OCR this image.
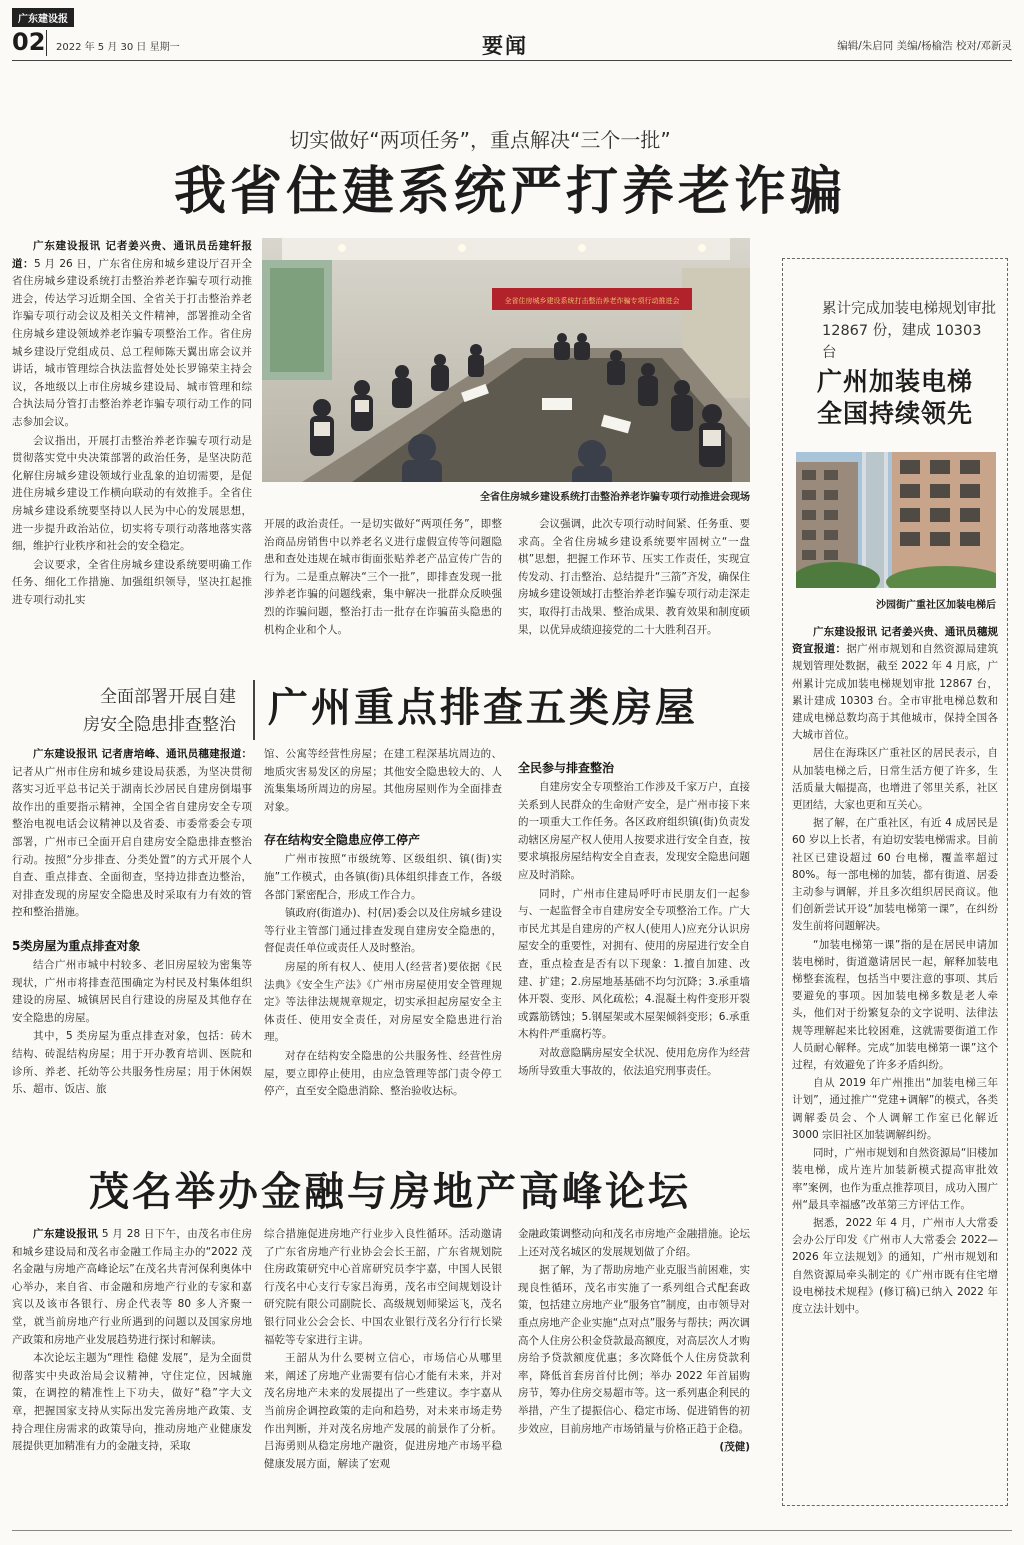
广东建设报
02 2022 年 5 月 30 日 星期一	要闻	编辑/朱启同 美编/杨榆浩 校对/邓新灵
切实做好“两项任务”，重点解决“三个一批”
我省住建系统严打养老诈骗

广东建设报讯 记者姜兴贵、通讯员岳建轩报道：5 月 26 日，广东省住房和城乡建设厅召开全省住房城乡建设系统打击整治养老诈骗专项行动推进会，传达学习近期全国、全省关于打击整治养老诈骗专项行动会议及相关文件精神，部署推动全省住房城乡建设领域养老诈骗专项整治工作。省住房城乡建设厅党组成员、总工程师陈天翼出席会议并讲话，城市管理综合执法监督处处长罗锦荣主持会议，各地级以上市住房城乡建设局、城市管理和综合执法局分管打击整治养老诈骗专项行动工作的同志参加会议。

会议指出，开展打击整治养老诈骗专项行动是贯彻落实党中央决策部署的政治任务，是坚决防范化解住房城乡建设领域行业乱象的迫切需要，是促进住房城乡建设工作横向联动的有效推手。全省住房城乡建设系统要坚持以人民为中心的发展思想，进一步提升政治站位，切实将专项行动落地落实落细，维护行业秩序和社会的安全稳定。

会议要求，全省住房城乡建设系统要明确工作任务、细化工作措施、加强组织领导，坚决扛起推进专项行动扎实

全省住房城乡建设系统打击整治养老诈骗专项行动推进会
全省住房城乡建设系统打击整治养老诈骗专项行动推进会现场

开展的政治责任。一是切实做好“两项任务”，即整治商品房销售中以养老名义进行虚假宣传等问题隐患和查处违规在城市街面张贴养老产品宣传广告的行为。二是重点解决“三个一批”，即排查发现一批涉养老诈骗的问题线索，集中解决一批群众反映强烈的诈骗问题，整治打击一批存在诈骗苗头隐患的机构企业和个人。

会议强调，此次专项行动时间紧、任务重、要求高。全省住房城乡建设系统要牢固树立“一盘棋”思想，把握工作环节、压实工作责任，实现宣传发动、打击整治、总结提升“三箭”齐发，确保住房城乡建设领域打击整治养老诈骗专项行动走深走实，取得打击战果、整治成果、教育效果和制度硕果，以优异成绩迎接党的二十大胜利召开。

全面部署开展自建
房安全隐患排查整治 广州重点排查五类房屋

广东建设报讯 记者唐培峰、通讯员穗建报道：记者从广州市住房和城乡建设局获悉，为坚决贯彻落实习近平总书记关于湖南长沙居民自建房倒塌事故作出的重要指示精神，全国全省自建房安全专项整治电视电话会议精神以及省委、市委常委会专项部署，广州市已全面开启自建房安全隐患排查整治行动。按照“分步排查、分类处置”的方式开展个人自查、重点排查、全面彻查，坚持边排查边整治，对排查发现的房屋安全隐患及时采取有力有效的管控和整治措施。

5类房屋为重点排查对象

结合广州市城中村较多、老旧房屋较为密集等现状，广州市将排查范围确定为村民及村集体组织建设的房屋、城镇居民自行建设的房屋及其他存在安全隐患的房屋。

其中，5 类房屋为重点排查对象，包括：砖木结构、砖混结构房屋；用于开办教育培训、医院和诊所、养老、托幼等公共服务性房屋；用于休闲娱乐、超市、饭店、旅

馆、公寓等经营性房屋；在建工程深基坑周边的、地质灾害易发区的房屋；其他安全隐患较大的、人流集集场所周边的房屋。其他房屋则作为全面排查对象。

存在结构安全隐患应停工停产

广州市按照“市级统筹、区级组织、镇(街)实施”工作模式，由各镇(街)具体组织排查工作，各级各部门紧密配合，形成工作合力。

镇政府(街道办)、村(居)委会以及住房城乡建设等行业主管部门通过排查发现自建房安全隐患的，督促责任单位或责任人及时整治。

房屋的所有权人、使用人(经营者)要依据《民法典》《安全生产法》《广州市房屋使用安全管理规定》等法律法规规章规定，切实承担起房屋安全主体责任、使用安全责任，对房屋安全隐患进行治理。

对存在结构安全隐患的公共服务性、经营性房屋，要立即停止使用，由应急管理等部门责令停工停产，直至安全隐患消除、整治验收达标。

全民参与排查整治

自建房安全专项整治工作涉及千家万户，直接关系到人民群众的生命财产安全，是广州市接下来的一项重大工作任务。各区政府组织镇(街)负责发动辖区房屋产权人使用人按要求进行安全自查，按要求填报房屋结构安全自查表，发现安全隐患问题应及时消除。

同时，广州市住建局呼吁市民朋友们一起参与、一起监督全市自建房安全专项整治工作。广大市民尤其是自建房的产权人(使用人)应充分认识房屋安全的重要性，对拥有、使用的房屋进行安全自查，重点检查是否有以下现象：1.擅自加建、改建、扩建；2.房屋地基基础不均匀沉降；3.承重墙体开裂、变形、风化疏松；4.混凝土构件变形开裂或露筋锈蚀；5.钢屋架或木屋架倾斜变形；6.承重木构件严重腐朽等。

对故意隐瞒房屋安全状况、使用危房作为经营场所导致重大事故的，依法追究刑事责任。

茂名举办金融与房地产高峰论坛

广东建设报讯 5 月 28 日下午，由茂名市住房和城乡建设局和茂名市金融工作局主办的“2022 茂名金融与房地产高峰论坛”在茂名共青河保利奥体中心举办，来自省、市金融和房地产行业的专家和嘉宾以及该市各银行、房企代表等 80 多人齐聚一堂，就当前房地产行业所遇到的问题以及国家房地产政策和房地产业发展趋势进行探讨和解读。

本次论坛主题为“理性 稳健 发展”，是为全面贯彻落实中央政治局会议精神，守住定位，因城施策，在调控的精准性上下功夫，做好“稳”字大文章，把握国家支持从实际出发完善房地产政策、支持合理住房需求的政策导向，推动房地产业健康发展提供更加精准有力的金融支持，采取

综合措施促进房地产行业步入良性循环。活动邀请了广东省房地产行业协会会长王韶，广东省规划院住房政策研究中心首席研究员李宇嘉，中国人民银行茂名中心支行专家吕海勇，茂名市空间规划设计研究院有限公司副院长、高级规划师梁运飞，茂名银行同业公会会长、中国农业银行茂名分行行长梁福乾等专家进行主讲。

王韶从为什么要树立信心，市场信心从哪里来，阐述了房地产业需要有信心才能有未来，并对茂名房地产未来的发展提出了一些建议。李宇嘉从当前房企调控政策的走向和趋势，对未来市场走势作出判断，并对茂名房地产发展的前景作了分析。吕海勇则从稳定房地产融资，促进房地产市场平稳健康发展方面，解读了宏观

金融政策调整动向和茂名市房地产金融措施。论坛上还对茂名城区的发展规划做了介绍。

据了解，为了帮助房地产业克服当前困难，实现良性循环，茂名市实施了一系列组合式配套政策，包括建立房地产业“服务官”制度，由市领导对重点房地产企业实施“点对点”服务与帮扶；两次调高个人住房公积金贷款最高额度，对高层次人才购房给予贷款额度优惠；多次降低个人住房贷款利率，降低首套房首付比例；举办 2022 年首届购房节，筹办住房交易超市等。这一系列惠企利民的举措，产生了提振信心、稳定市场、促进销售的初步效应，目前房地产市场销量与价格正趋于企稳。

(茂健)

累计完成加装电梯规划审批 12867 份，建成 10303 台
广州加装电梯
全国持续领先
沙园街广重社区加装电梯后

广东建设报讯 记者姜兴贵、通讯员穗规资宣报道：据广州市规划和自然资源局建筑规划管理处数据，截至 2022 年 4 月底，广州累计完成加装电梯规划审批 12867 台，累计建成 10303 台。全市审批电梯总数和建成电梯总数均高于其他城市，保持全国各大城市首位。

居住在海珠区广重社区的居民表示，自从加装电梯之后，日常生活方便了许多，生活质量大幅提高，也增进了邻里关系，社区更团结，大家也更和互关心。

据了解，在广重社区，有近 4 成居民是 60 岁以上长者，有迫切安装电梯需求。目前社区已建设超过 60 台电梯，覆盖率超过 80%。每一部电梯的加装，都有街道、居委主动参与调解，并且多次组织居民商议。他们创新尝试开设“加装电梯第一课”，在纠纷发生前将问题解决。

“加装电梯第一课”指的是在居民申请加装电梯时，街道邀请居民一起，解释加装电梯整套流程，包括当中要注意的事项、其后要避免的事项。因加装电梯多数是老人牵头，他们对于纷繁复杂的文字说明、法律法规等理解起来比较困难，这就需要街道工作人员耐心解释。完成“加装电梯第一课”这个过程，有效避免了许多矛盾纠纷。

自从 2019 年广州推出“加装电梯三年计划”，通过推广“党建+调解”的模式，各类调解委员会、个人调解工作室已化解近 3000 宗旧社区加装调解纠纷。

同时，广州市规划和自然资源局“旧楼加装电梯，成片连片加装新模式提高审批效率”案例，也作为重点推荐项目，成功入围广州“最具幸福感”改革第三方评估工作。

据悉，2022 年 4 月，广州市人大常委会办公厅印发《广州市人大常委会 2022—2026 年立法规划》的通知，广州市规划和自然资源局牵头制定的《广州市既有住宅增设电梯技术规程》(修订稿)已纳入 2022 年度立法计划中。
